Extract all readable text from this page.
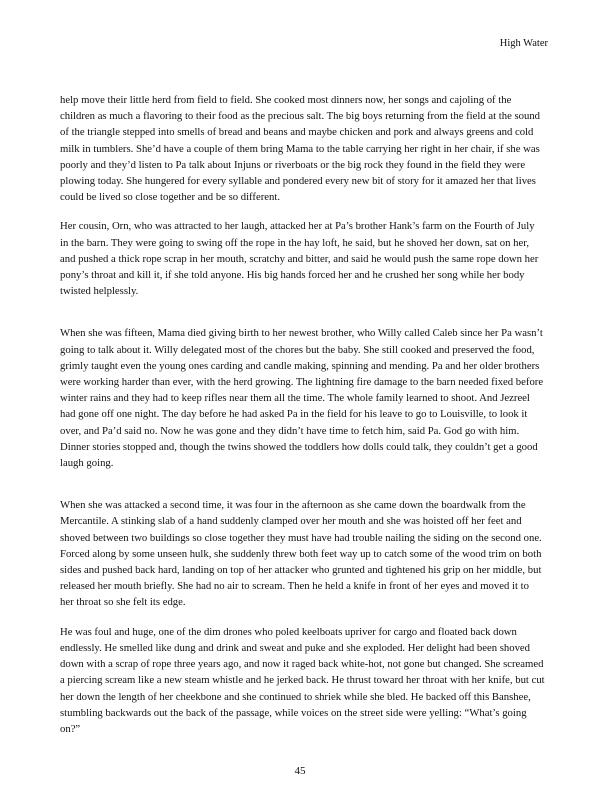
High Water

help move their little herd from field to field. She cooked most dinners now, her songs and cajoling of the children as much a flavoring to their food as the precious salt. The big boys returning from the field at the sound of the triangle stepped into smells of bread and beans and maybe chicken and pork and always greens and cold milk in tumblers. She’d have a couple of them bring Mama to the table carrying her right in her chair, if she was poorly and they’d listen to Pa talk about Injuns or riverboats or the big rock they found in the field they were plowing today. She hungered for every syllable and pondered every new bit of story for it amazed her that lives could be lived so close together and be so different.

Her cousin, Orn, who was attracted to her laugh, attacked her at Pa’s brother Hank’s farm on the Fourth of July in the barn. They were going to swing off the rope in the hay loft, he said, but he shoved her down, sat on her, and pushed a thick rope scrap in her mouth, scratchy and bitter, and said he would push the same rope down her pony’s throat and kill it, if she told anyone. His big hands forced her and he crushed her song while her body twisted helplessly.

When she was fifteen, Mama died giving birth to her newest brother, who Willy called Caleb since her Pa wasn’t going to talk about it. Willy delegated most of the chores but the baby. She still cooked and preserved the food, grimly taught even the young ones carding and candle making, spinning and mending. Pa and her older brothers were working harder than ever, with the herd growing. The lightning fire damage to the barn needed fixed before winter rains and they had to keep rifles near them all the time. The whole family learned to shoot. And Jezreel had gone off one night. The day before he had asked Pa in the field for his leave to go to Louisville, to look it over, and Pa’d said no. Now he was gone and they didn’t have time to fetch him, said Pa. God go with him. Dinner stories stopped and, though the twins showed the toddlers how dolls could talk, they couldn’t get a good laugh going.

When she was attacked a second time, it was four in the afternoon as she came down the boardwalk from the Mercantile. A stinking slab of a hand suddenly clamped over her mouth and she was hoisted off her feet and shoved between two buildings so close together they must have had trouble nailing the siding on the second one. Forced along by some unseen hulk, she suddenly threw both feet way up to catch some of the wood trim on both sides and pushed back hard, landing on top of her attacker who grunted and tightened his grip on her middle, but released her mouth briefly. She had no air to scream. Then he held a knife in front of her eyes and moved it to her throat so she felt its edge.

He was foul and huge, one of the dim drones who poled keelboats upriver for cargo and floated back down endlessly. He smelled like dung and drink and sweat and puke and she exploded. Her delight had been shoved down with a scrap of rope three years ago, and now it raged back white-hot, not gone but changed. She screamed a piercing scream like a new steam whistle and he jerked back. He thrust toward her throat with her knife, but cut her down the length of her cheekbone and she continued to shriek while she bled. He backed off this Banshee, stumbling backwards out the back of the passage, while voices on the street side were yelling: “What’s going on?”

45
